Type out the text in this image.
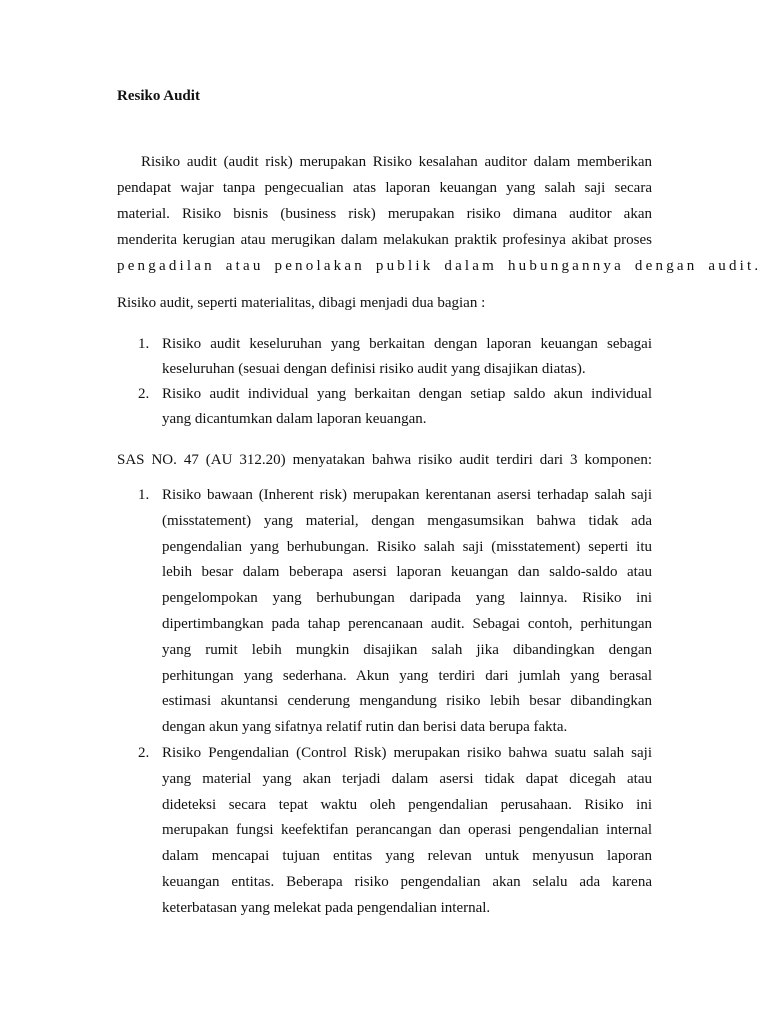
Resiko Audit
Risiko audit (audit risk) merupakan Risiko kesalahan auditor dalam memberikan
pendapat wajar tanpa pengecualian atas laporan keuangan yang salah saji secara
material. Risiko bisnis (business risk) merupakan risiko dimana auditor akan
menderita kerugian atau merugikan dalam melakukan praktik profesinya akibat proses
pengadilan atau penolakan publik dalam hubungannya dengan audit.

Risiko audit, seperti materialitas, dibagi menjadi dua bagian :

1. Risiko audit keseluruhan yang berkaitan dengan laporan keuangan sebagai
keseluruhan (sesuai dengan definisi risiko audit yang disajikan diatas).
2. Risiko audit individual yang berkaitan dengan setiap saldo akun individual
yang dicantumkan dalam laporan keuangan.

SAS NO. 47 (AU 312.20) menyatakan bahwa risiko audit terdiri dari 3 komponen:

1. Risiko bawaan (Inherent risk) merupakan kerentanan asersi terhadap salah saji
(misstatement) yang material, dengan mengasumsikan bahwa tidak ada
pengendalian yang berhubungan. Risiko salah saji (misstatement) seperti itu
lebih besar dalam beberapa asersi laporan keuangan dan saldo-saldo atau
pengelompokan yang berhubungan daripada yang lainnya. Risiko ini
dipertimbangkan pada tahap perencanaan audit. Sebagai contoh, perhitungan
yang rumit lebih mungkin disajikan salah jika dibandingkan dengan
perhitungan yang sederhana. Akun yang terdiri dari jumlah yang berasal
estimasi akuntansi cenderung mengandung risiko lebih besar dibandingkan
dengan akun yang sifatnya relatif rutin dan berisi data berupa fakta.
2. Risiko Pengendalian (Control Risk) merupakan risiko bahwa suatu salah saji
yang material yang akan terjadi dalam asersi tidak dapat dicegah atau
dideteksi secara tepat waktu oleh pengendalian perusahaan. Risiko ini
merupakan fungsi keefektifan perancangan dan operasi pengendalian internal
dalam mencapai tujuan entitas yang relevan untuk menyusun laporan
keuangan entitas. Beberapa risiko pengendalian akan selalu ada karena
keterbatasan yang melekat pada pengendalian internal.
